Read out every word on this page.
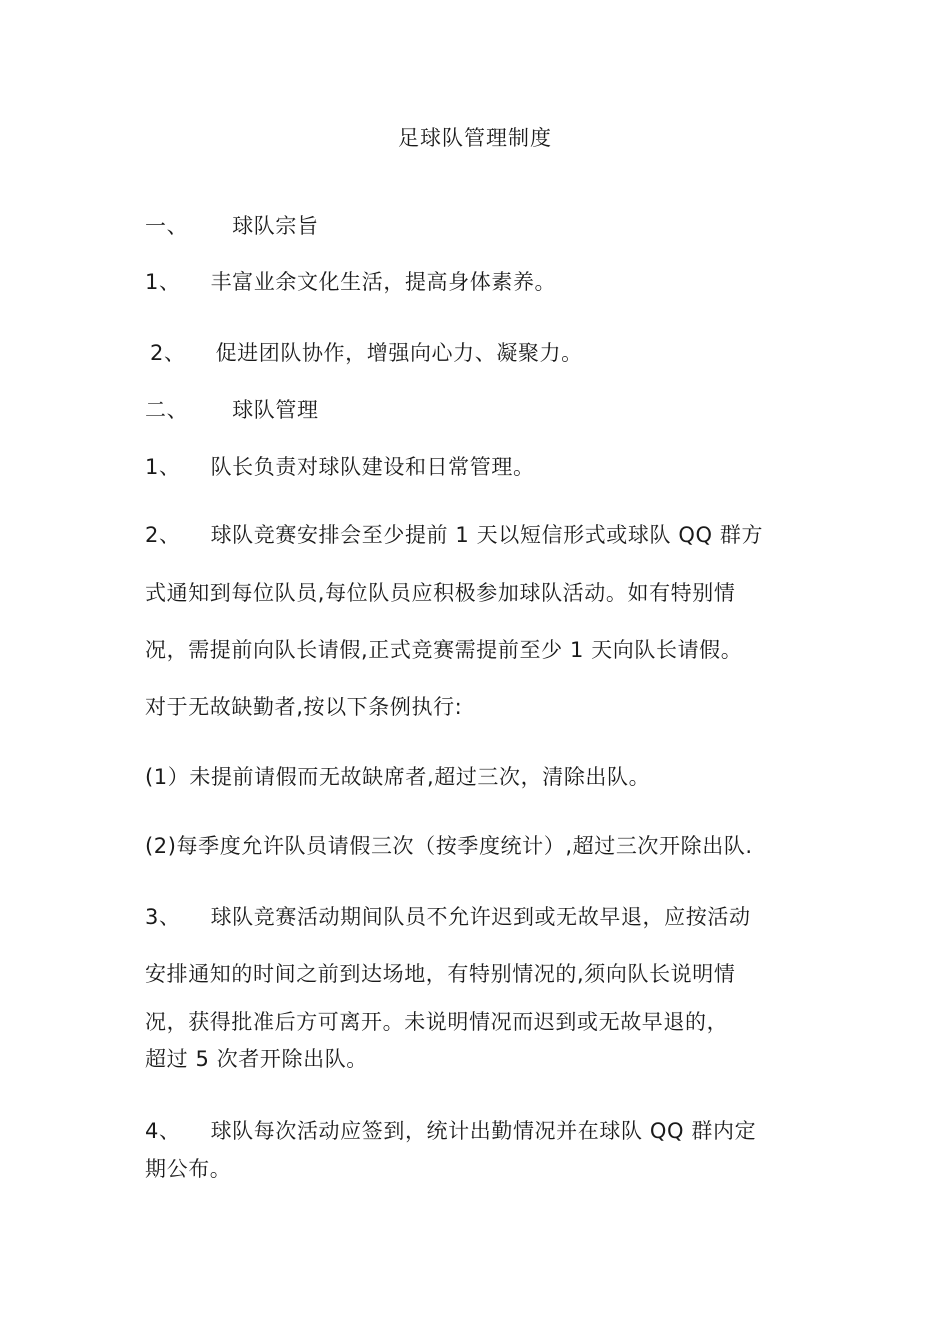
足球队管理制度
一、 球队宗旨
1、 丰富业余文化生活，提高身体素养。
2、 促进团队协作，增强向心力、凝聚力。
二、 球队管理
1、 队长负责对球队建设和日常管理。
2、 球队竞赛安排会至少提前 1 天以短信形式或球队 QQ 群方
式通知到每位队员,每位队员应积极参加球队活动。如有特别情
况，需提前向队长请假,正式竞赛需提前至少 1 天向队长请假。
对于无故缺勤者,按以下条例执行:
(1）未提前请假而无故缺席者,超过三次，清除出队。
(2)每季度允许队员请假三次（按季度统计）,超过三次开除出队.
3、 球队竞赛活动期间队员不允许迟到或无故早退，应按活动
安排通知的时间之前到达场地，有特别情况的,须向队长说明情
况，获得批准后方可离开。未说明情况而迟到或无故早退的，
超过 5 次者开除出队。
4、 球队每次活动应签到，统计出勤情况并在球队 QQ 群内定
期公布。
